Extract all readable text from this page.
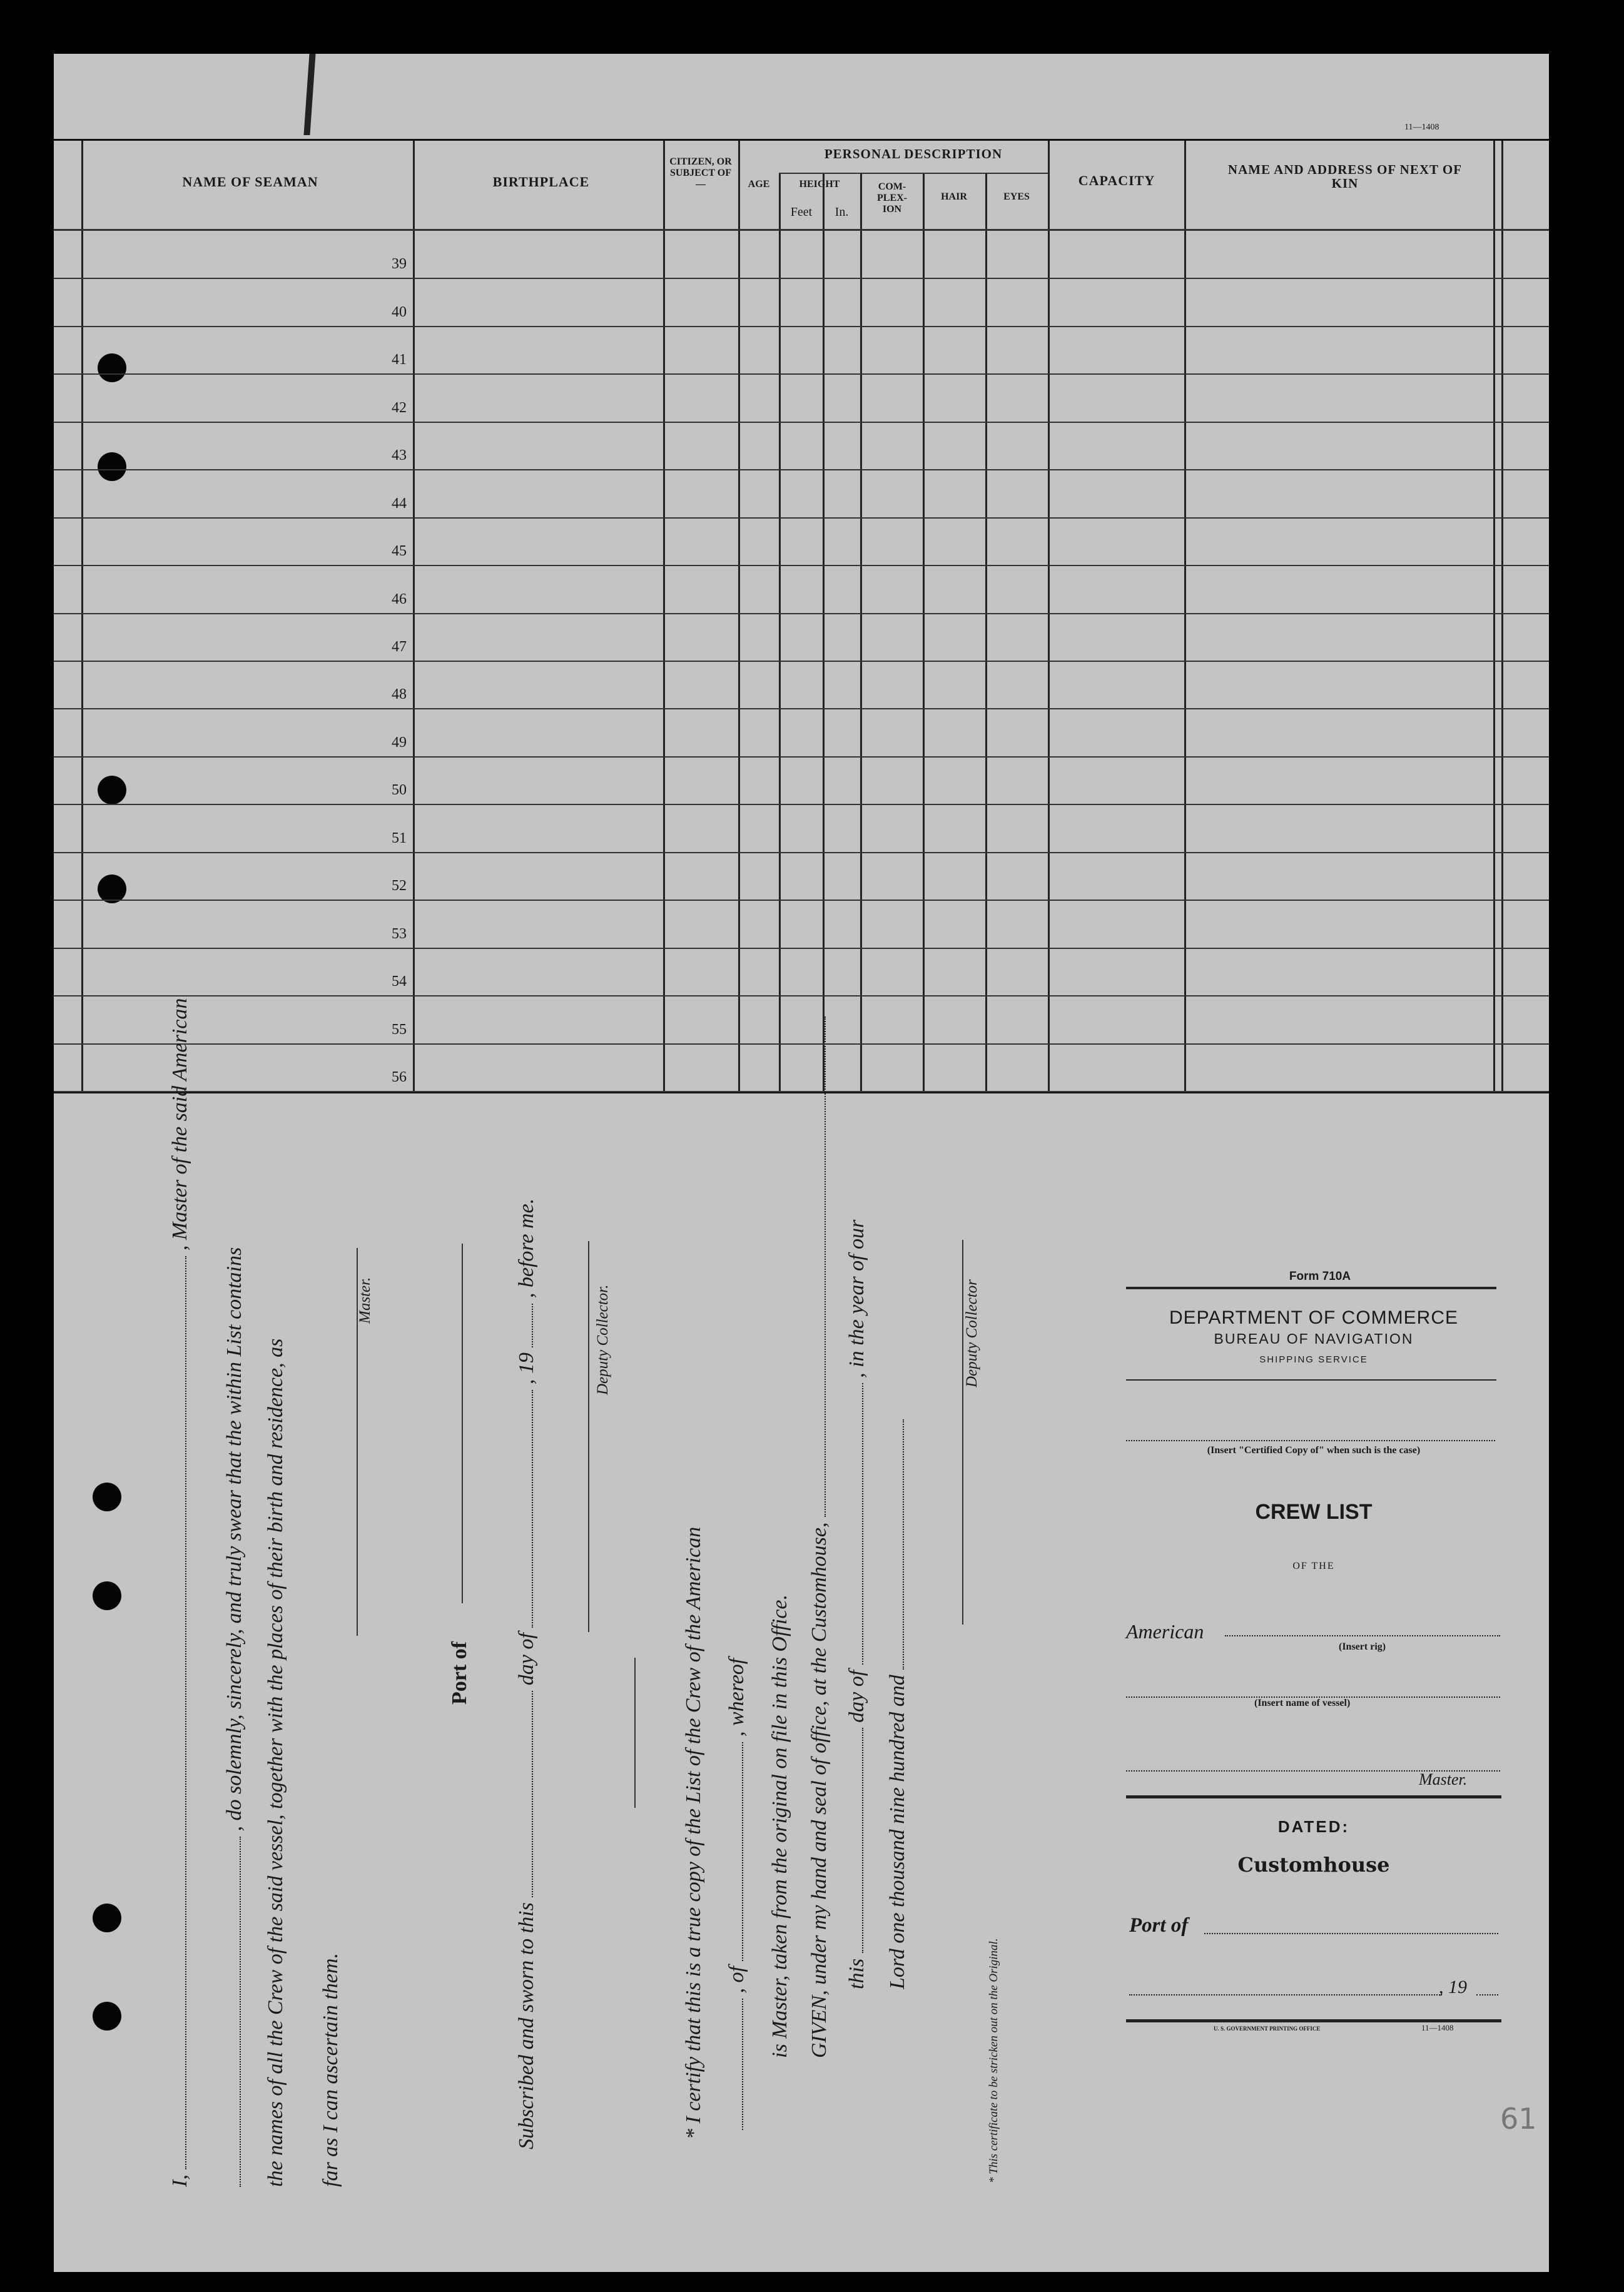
11—1408
NAME OF SEAMAN	BIRTHPLACE
CITIZEN, OR SUBJECT OF—	AGE
PERSONAL DESCRIPTION
HEIGHT
Feet	In.
COM- PLEX- ION
HAIR	EYES
CAPACITY
NAME AND ADDRESS OF NEXT OF KIN
39
40
41
42
43
44
45
46
47
48
49
50
51
52
53
54
55
56
I,  , Master of the said American
, do solemnly, sincerely, and truly swear that the within List contains the names of all the Crew of the said vessel, together with the places of their birth and residence, as far as I can ascertain them.
Master.
Port of
Subscribed and sworn to this  day of  , 19  , before me.
Deputy Collector.
* I certify that this is a true copy of the List of the Crew of the American , of  , whereof is Master, taken from the original on file in this Office. GIVEN, under my hand and seal of office, at the Customhouse, this  day of  , in the year of our
Lord one thousand nine hundred and
Deputy Collector
* This certificate to be stricken out on the Original.
Form 710A
DEPARTMENT OF COMMERCE
BUREAU OF NAVIGATION
SHIPPING SERVICE
(Insert "Certified Copy of" when such is the case)
CREW LIST
OF THE
American
(Insert rig)
(Insert name of vessel)
Master.
DATED:
Customhouse
Port of
, 19
U. S. GOVERNMENT PRINTING OFFICE	11—1408
61
